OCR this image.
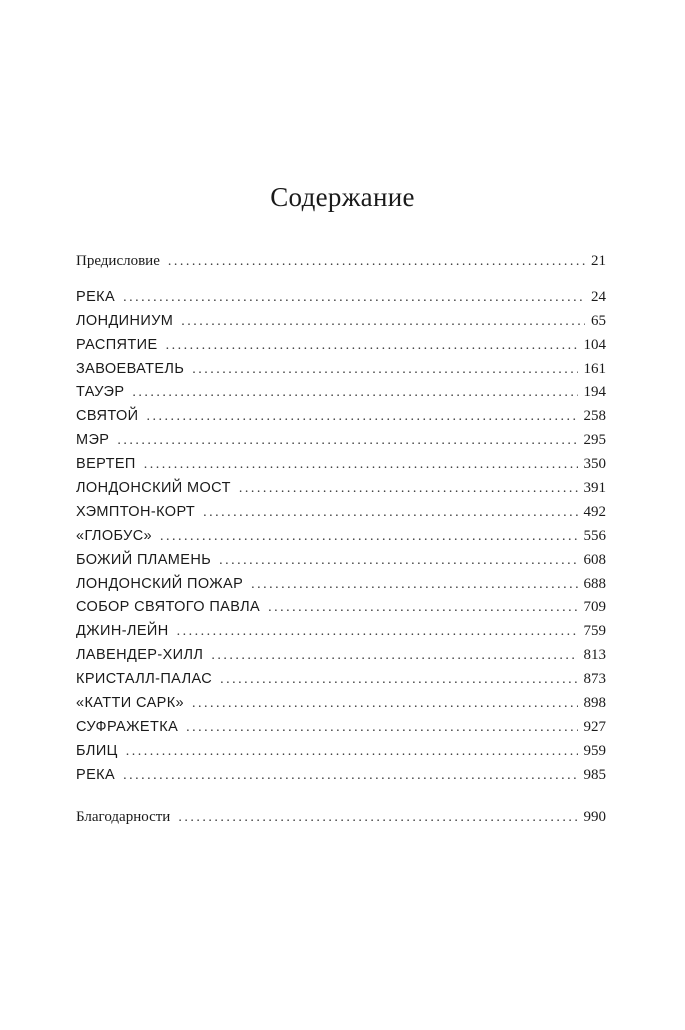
Содержание
Предисловие . . .	21
РЕКА . . .	24
ЛОНДИНИУМ . . .	65
РАСПЯТИЕ . . .	104
ЗАВОЕВАТЕЛЬ . . .	161
ТАУЭР . . .	194
СВЯТОЙ . . .	258
МЭР . . .	295
ВЕРТЕП . . .	350
ЛОНДОНСКИЙ МОСТ . . .	391
ХЭМПТОН-КОРТ . . .	492
«ГЛОБУС» . . .	556
БОЖИЙ ПЛАМЕНЬ . . .	608
ЛОНДОНСКИЙ ПОЖАР . . .	688
СОБОР СВЯТОГО ПАВЛА . . .	709
ДЖИН-ЛЕЙН . . .	759
ЛАВЕНДЕР-ХИЛЛ . . .	813
КРИСТАЛЛ-ПАЛАС . . .	873
«КАТТИ САРК» . . .	898
СУФРАЖЕТКА . . .	927
БЛИЦ . . .	959
РЕКА . . .	985
Благодарности . . .	990
